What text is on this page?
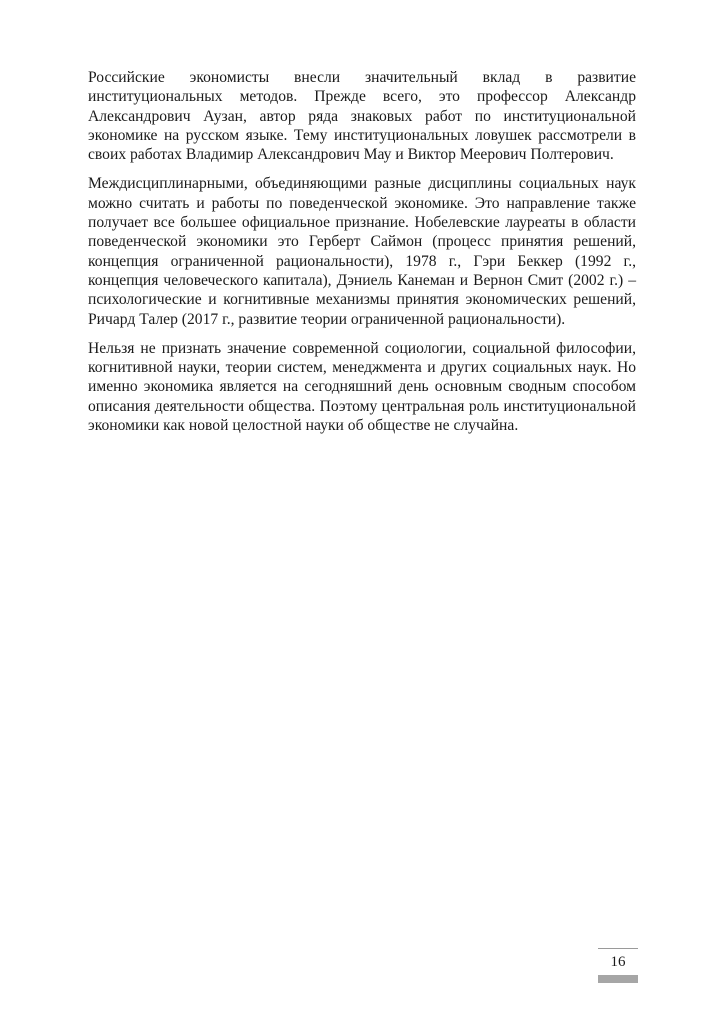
Российские экономисты внесли значительный вклад в развитие институциональных методов. Прежде всего, это профессор Александр Александрович Аузан, автор ряда знаковых работ по институциональной экономике на русском языке. Тему институциональных ловушек рассмотрели в своих работах Владимир Александрович Мау и Виктор Меерович Полтерович.

Междисциплинарными, объединяющими разные дисциплины социальных наук можно считать и работы по поведенческой экономике. Это направление также получает все большее официальное признание. Нобелевские лауреаты в области поведенческой экономики это Герберт Саймон (процесс принятия решений, концепция ограниченной рациональности), 1978 г., Гэри Беккер (1992 г., концепция человеческого капитала), Дэниель Канеман и Вернон Смит (2002 г.) – психологические и когнитивные механизмы принятия экономических решений, Ричард Талер (2017 г., развитие теории ограниченной рациональности).

Нельзя не признать значение современной социологии, социальной философии, когнитивной науки, теории систем, менеджмента и других социальных наук. Но именно экономика является на сегодняшний день основным сводным способом описания деятельности общества. Поэтому центральная роль институциональной экономики как новой целостной науки об обществе не случайна.

16
